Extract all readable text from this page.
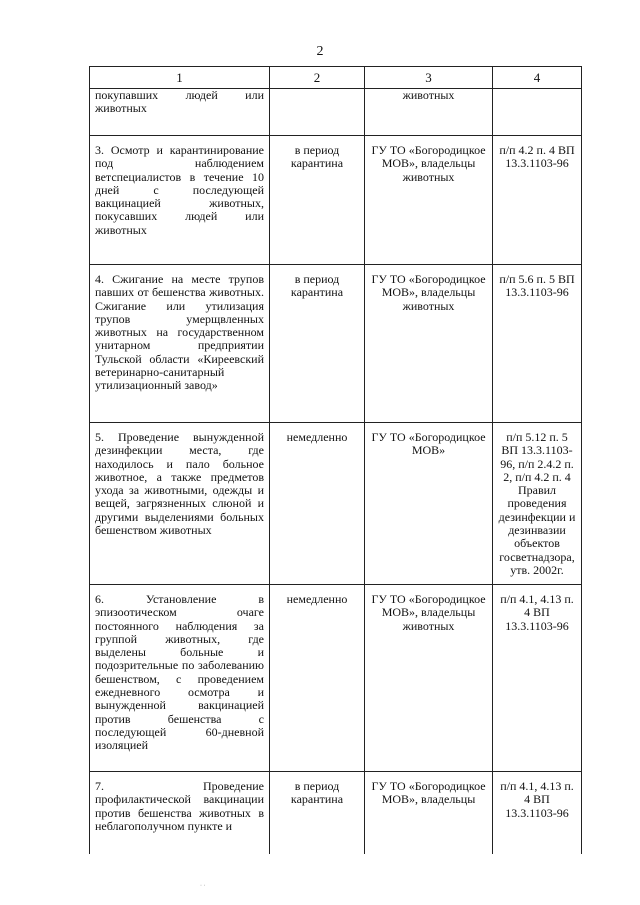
2
1	2	3	4
покупавших людей или животных		животных	
3. Осмотр и карантинирование под наблюдением ветспециалистов в течение 10 дней с последующей вакцинацией животных, покусавших людей или животных	в период карантина	ГУ ТО «Богородицкое МОВ», владельцы животных	п/п 4.2 п. 4 ВП 13.3.1103-96
4. Сжигание на месте трупов павших от бешенства животных. Сжигание или утилизация трупов умерщвленных животных на государственном унитарном предприятии Тульской области «Киреевский ветеринарно-санитарный утилизационный завод»	в период карантина	ГУ ТО «Богородицкое МОВ», владельцы животных	п/п 5.6 п. 5 ВП 13.3.1103-96
5. Проведение вынужденной дезинфекции места, где находилось и пало больное животное, а также предметов ухода за животными, одежды и вещей, загрязненных слюной и другими выделениями больных бешенством животных	немедленно	ГУ ТО «Богородицкое МОВ»	п/п 5.12 п. 5 ВП 13.3.1103-96, п/п 2.4.2 п. 2, п/п 4.2 п. 4 Правил проведения дезинфекции и дезинвазии объектов госветнадзора, утв. 2002г.
6. Установление в эпизоотическом очаге постоянного наблюдения за группой животных, где выделены больные и подозрительные по заболеванию бешенством, с проведением ежедневного осмотра и вынужденной вакцинацией против бешенства с последующей 60-дневной изоляцией	немедленно	ГУ ТО «Богородицкое МОВ», владельцы животных	п/п 4.1, 4.13 п. 4 ВП 13.3.1103-96
7. Проведение профилактической вакцинации против бешенства животных в неблагополучном пункте и	в период карантина	ГУ ТО «Богородицкое МОВ», владельцы	п/п 4.1, 4.13 п. 4 ВП 13.3.1103-96
· ·
